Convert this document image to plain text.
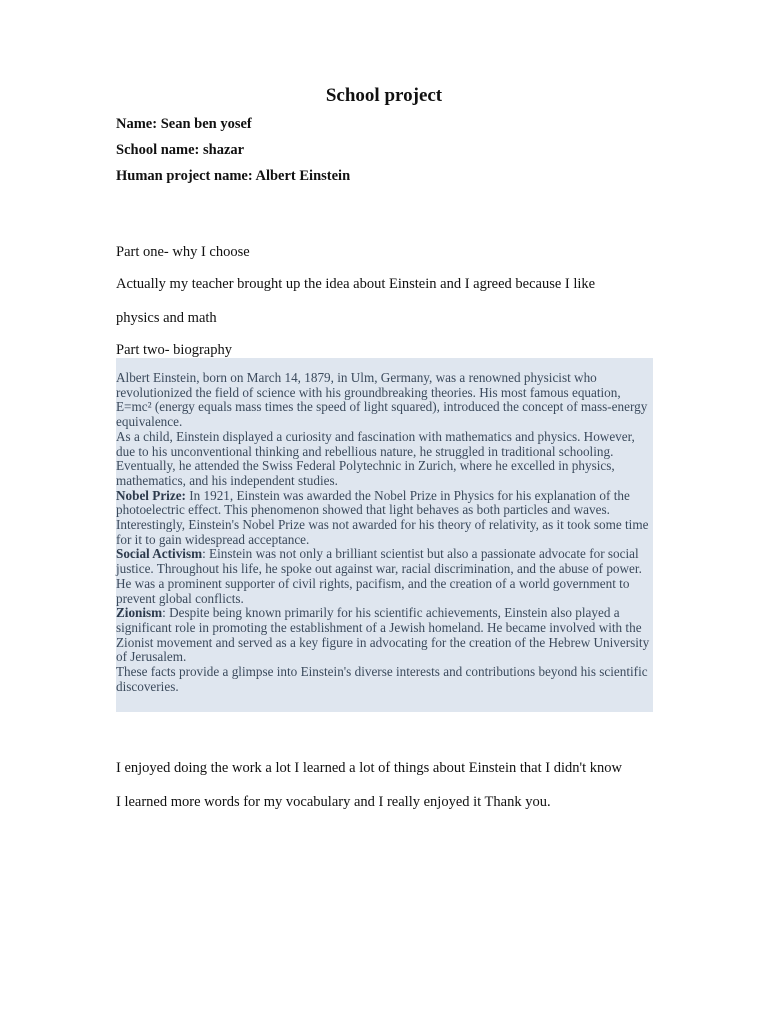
School project
Name: Sean ben yosef
School name: shazar
Human project name: Albert Einstein
Part one- why I choose
Actually my teacher brought up the idea about Einstein and I agreed because I like
physics and math
Part two- biography

Albert Einstein, born on March 14, 1879, in Ulm, Germany, was a renowned physicist who revolutionized the field of science with his groundbreaking theories. His most famous equation, E=mc² (energy equals mass times the speed of light squared), introduced the concept of mass-energy equivalence.

As a child, Einstein displayed a curiosity and fascination with mathematics and physics. However, due to his unconventional thinking and rebellious nature, he struggled in traditional schooling. Eventually, he attended the Swiss Federal Polytechnic in Zurich, where he excelled in physics, mathematics, and his independent studies.

Nobel Prize: In 1921, Einstein was awarded the Nobel Prize in Physics for his explanation of the photoelectric effect. This phenomenon showed that light behaves as both particles and waves. Interestingly, Einstein's Nobel Prize was not awarded for his theory of relativity, as it took some time for it to gain widespread acceptance.

Social Activism: Einstein was not only a brilliant scientist but also a passionate advocate for social justice. Throughout his life, he spoke out against war, racial discrimination, and the abuse of power. He was a prominent supporter of civil rights, pacifism, and the creation of a world government to prevent global conflicts.

Zionism: Despite being known primarily for his scientific achievements, Einstein also played a significant role in promoting the establishment of a Jewish homeland. He became involved with the Zionist movement and served as a key figure in advocating for the creation of the Hebrew University of Jerusalem.

These facts provide a glimpse into Einstein's diverse interests and contributions beyond his scientific discoveries.

I enjoyed doing the work a lot I learned a lot of things about Einstein that I didn't know
I learned more words for my vocabulary and I really enjoyed it Thank you.
